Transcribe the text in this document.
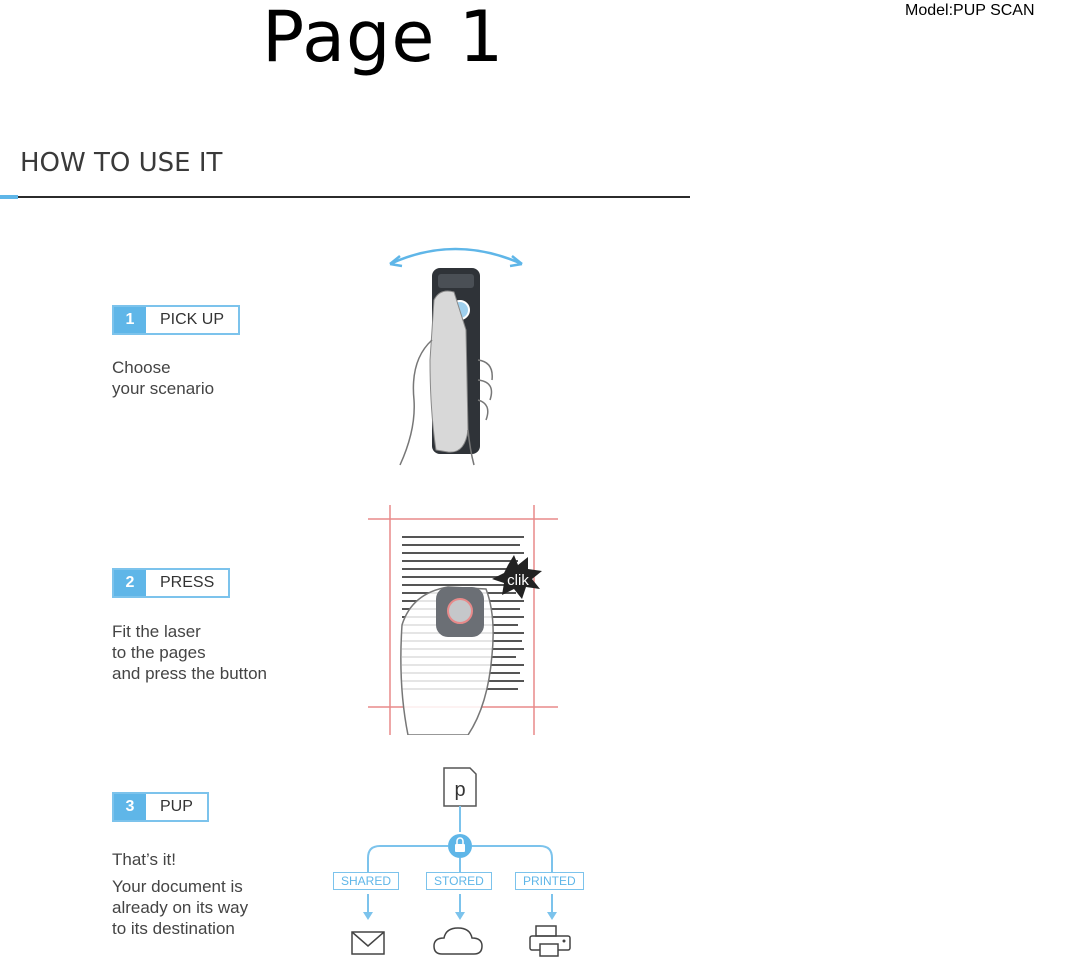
Page 1	Model:PUP SCAN
HOW TO USE IT
1	PICK UP
Choose
your scenario
2	PRESS
Fit the laser
to the pages
and press the button
3	PUP
That’s it!
Your document is
already on its way
to its destination
clik
p
SHARED	STORED	PRINTED
